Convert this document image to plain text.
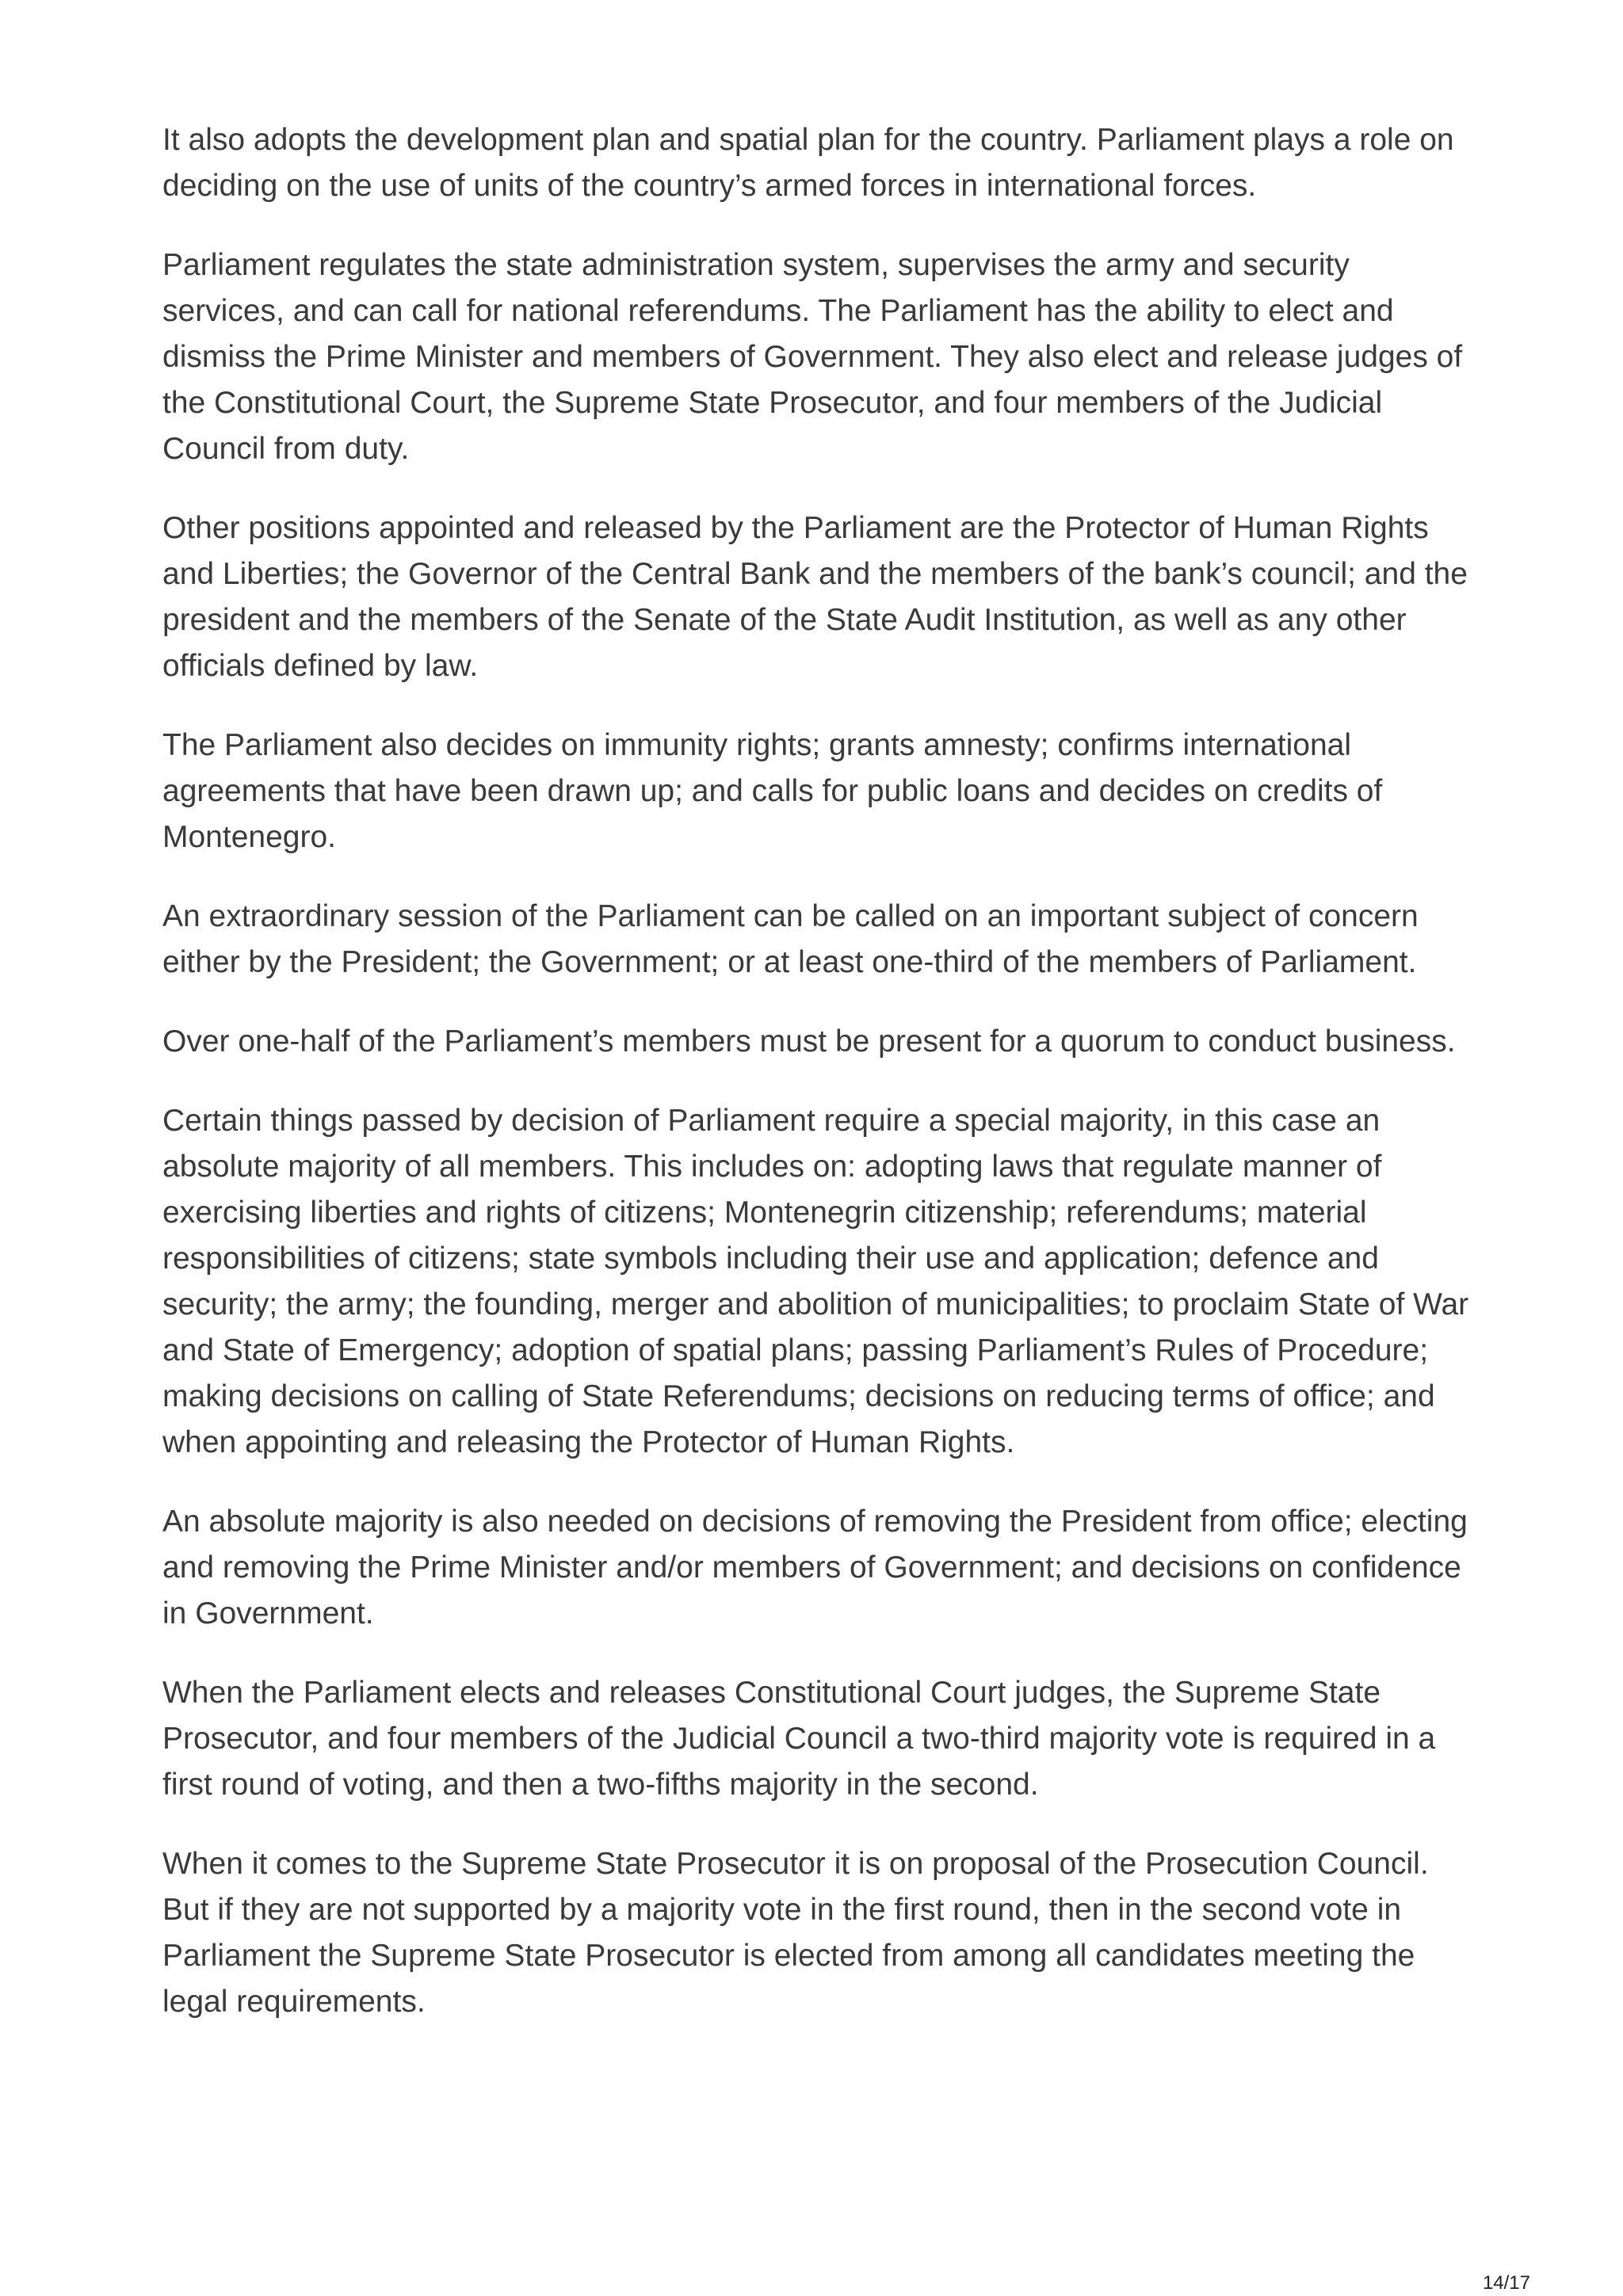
It also adopts the development plan and spatial plan for the country. Parliament plays a role on deciding on the use of units of the country’s armed forces in international forces.

Parliament regulates the state administration system, supervises the army and security services, and can call for national referendums. The Parliament has the ability to elect and dismiss the Prime Minister and members of Government. They also elect and release judges of the Constitutional Court, the Supreme State Prosecutor, and four members of the Judicial Council from duty.

Other positions appointed and released by the Parliament are the Protector of Human Rights and Liberties; the Governor of the Central Bank and the members of the bank’s council; and the president and the members of the Senate of the State Audit Institution, as well as any other officials defined by law.

The Parliament also decides on immunity rights; grants amnesty; confirms international agreements that have been drawn up; and calls for public loans and decides on credits of Montenegro.

An extraordinary session of the Parliament can be called on an important subject of concern either by the President; the Government; or at least one-third of the members of Parliament.

Over one-half of the Parliament’s members must be present for a quorum to conduct business.

Certain things passed by decision of Parliament require a special majority, in this case an absolute majority of all members. This includes on: adopting laws that regulate manner of exercising liberties and rights of citizens; Montenegrin citizenship; referendums; material responsibilities of citizens; state symbols including their use and application; defence and security; the army; the founding, merger and abolition of municipalities; to proclaim State of War and State of Emergency; adoption of spatial plans; passing Parliament’s Rules of Procedure; making decisions on calling of State Referendums; decisions on reducing terms of office; and when appointing and releasing the Protector of Human Rights.

An absolute majority is also needed on decisions of removing the President from office; electing and removing the Prime Minister and/or members of Government; and decisions on confidence in Government.

When the Parliament elects and releases Constitutional Court judges, the Supreme State Prosecutor, and four members of the Judicial Council a two-third majority vote is required in a first round of voting, and then a two-fifths majority in the second.

When it comes to the Supreme State Prosecutor it is on proposal of the Prosecution Council. But if they are not supported by a majority vote in the first round, then in the second vote in Parliament the Supreme State Prosecutor is elected from among all candidates meeting the legal requirements.

14/17
